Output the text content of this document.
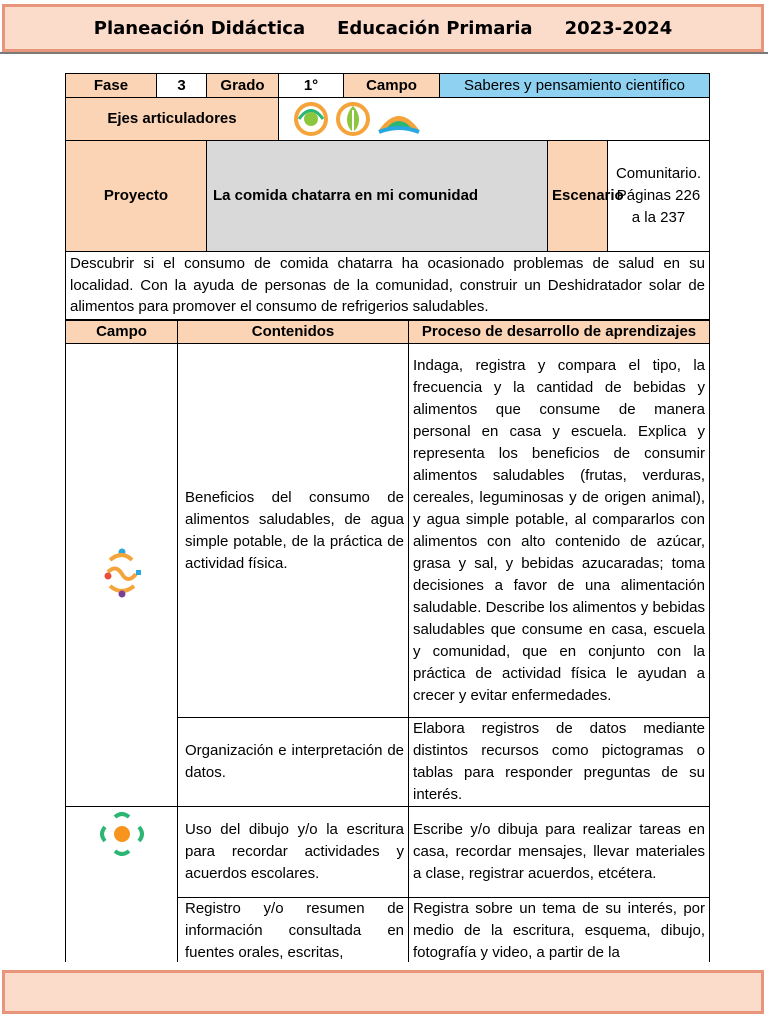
Planeación Didáctica Educación Primaria 2023-2024
Fase	3	Grado	1°	Campo	Saberes y pensamiento científico		
Ejes articuladores	

Proyecto		La comida chatarra en mi comunidad				Escenario	Comunitario. Páginas 226 a la 237
Descubrir si el consumo de comida chatarra ha ocasionado problemas de salud en su localidad. Con la ayuda de personas de la comunidad, construir un Deshidratador solar de alimentos para promover el consumo de refrigerios saludables.							
Campo	Contenidos	Proceso de desarrollo de aprendizajes
	Beneficios del consumo de alimentos saludables, de agua simple potable, de la práctica de actividad física.	Indaga, registra y compara el tipo, la frecuencia y la cantidad de bebidas y alimentos que consume de manera personal en casa y escuela. Explica y representa los beneficios de consumir alimentos saludables (frutas, verduras, cereales, leguminosas y de origen animal), y agua simple potable, al compararlos con alimentos con alto contenido de azúcar, grasa y sal, y bebidas azucaradas; toma decisiones a favor de una alimentación saludable. Describe los alimentos y bebidas saludables que consume en casa, escuela y comunidad, que en conjunto con la práctica de actividad física le ayudan a crecer y evitar enfermedades.
	Organización e interpretación de datos.	Elabora registros de datos mediante distintos recursos como pictogramas o tablas para responder preguntas de su interés.
	Uso del dibujo y/o la escritura para recordar actividades y acuerdos escolares.	Escribe y/o dibuja para realizar tareas en casa, recordar mensajes, llevar materiales a clase, registrar acuerdos, etcétera.
	Registro y/o resumen de información consultada en fuentes orales, escritas,	Registra sobre un tema de su interés, por medio de la escritura, esquema, dibujo, fotografía y video, a partir de la
